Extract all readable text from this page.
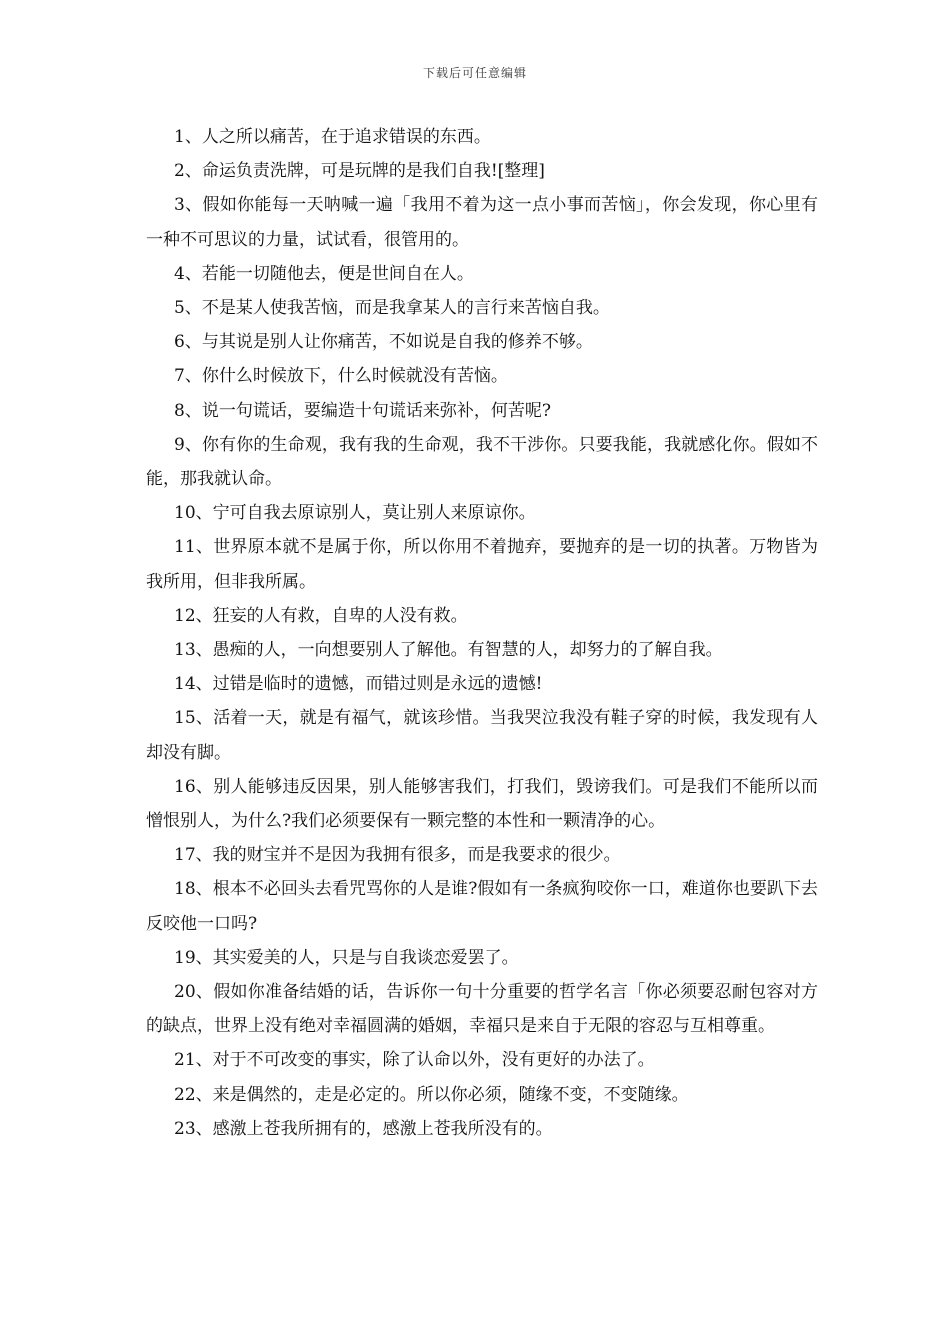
下载后可任意编辑

1、人之所以痛苦，在于追求错误的东西。

2、命运负责洗牌，可是玩牌的是我们自我![整理]

3、假如你能每一天呐喊一遍「我用不着为这一点小事而苦恼」，你会发现，你心里有一种不可思议的力量，试试看，很管用的。

4、若能一切随他去，便是世间自在人。

5、不是某人使我苦恼，而是我拿某人的言行来苦恼自我。

6、与其说是别人让你痛苦，不如说是自我的修养不够。

7、你什么时候放下，什么时候就没有苦恼。

8、说一句谎话，要编造十句谎话来弥补，何苦呢?

9、你有你的生命观，我有我的生命观，我不干涉你。只要我能，我就感化你。假如不能，那我就认命。

10、宁可自我去原谅别人，莫让别人来原谅你。

11、世界原本就不是属于你，所以你用不着抛弃，要抛弃的是一切的执著。万物皆为我所用，但非我所属。

12、狂妄的人有救，自卑的人没有救。

13、愚痴的人，一向想要别人了解他。有智慧的人，却努力的了解自我。

14、过错是临时的遗憾，而错过则是永远的遗憾!

15、活着一天，就是有福气，就该珍惜。当我哭泣我没有鞋子穿的时候，我发现有人却没有脚。

16、别人能够违反因果，别人能够害我们，打我们，毁谤我们。可是我们不能所以而憎恨别人，为什么?我们必须要保有一颗完整的本性和一颗清净的心。

17、我的财宝并不是因为我拥有很多，而是我要求的很少。

18、根本不必回头去看咒骂你的人是谁?假如有一条疯狗咬你一口，难道你也要趴下去反咬他一口吗?

19、其实爱美的人，只是与自我谈恋爱罢了。

20、假如你准备结婚的话，告诉你一句十分重要的哲学名言「你必须要忍耐包容对方的缺点，世界上没有绝对幸福圆满的婚姻，幸福只是来自于无限的容忍与互相尊重。

21、对于不可改变的事实，除了认命以外，没有更好的办法了。

22、来是偶然的，走是必定的。所以你必须，随缘不变，不变随缘。

23、感激上苍我所拥有的，感激上苍我所没有的。
